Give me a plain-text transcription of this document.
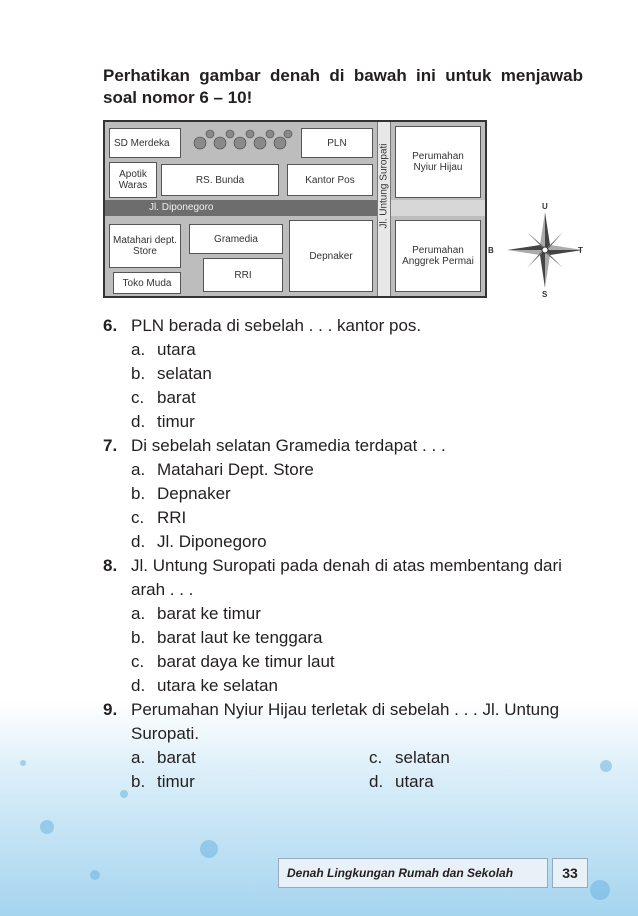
Perhatikan gambar denah di bawah ini untuk menjawab
soal nomor 6 – 10!
Jl. Diponegoro	Jl. Untung Suropati
SD Merdeka	PLN
Perumahan
Nyiur Hijau
Apotik
Waras	RS. Bunda	Kantor Pos
Matahari dept.
Store
Gramedia
Depnaker	Perumahan
Anggrek Permai
RRI
Toko Muda
U
S
B	T
6. PLN berada di sebelah . . . kantor pos.
a. utara
b. selatan
c. barat
d. timur
7. Di sebelah selatan Gramedia terdapat . . .
a. Matahari Dept. Store
b. Depnaker
c. RRI
d. Jl. Diponegoro
8. Jl. Untung Suropati pada denah di atas membentang dari
arah . . .
a. barat ke timur
b. barat laut ke tenggara
c. barat daya ke timur laut
d. utara ke selatan
9. Perumahan Nyiur Hijau terletak di sebelah . . . Jl. Untung
Suropati.
a. barat	c. selatan
b. timur	d. utara
Denah Lingkungan Rumah dan Sekolah	33
